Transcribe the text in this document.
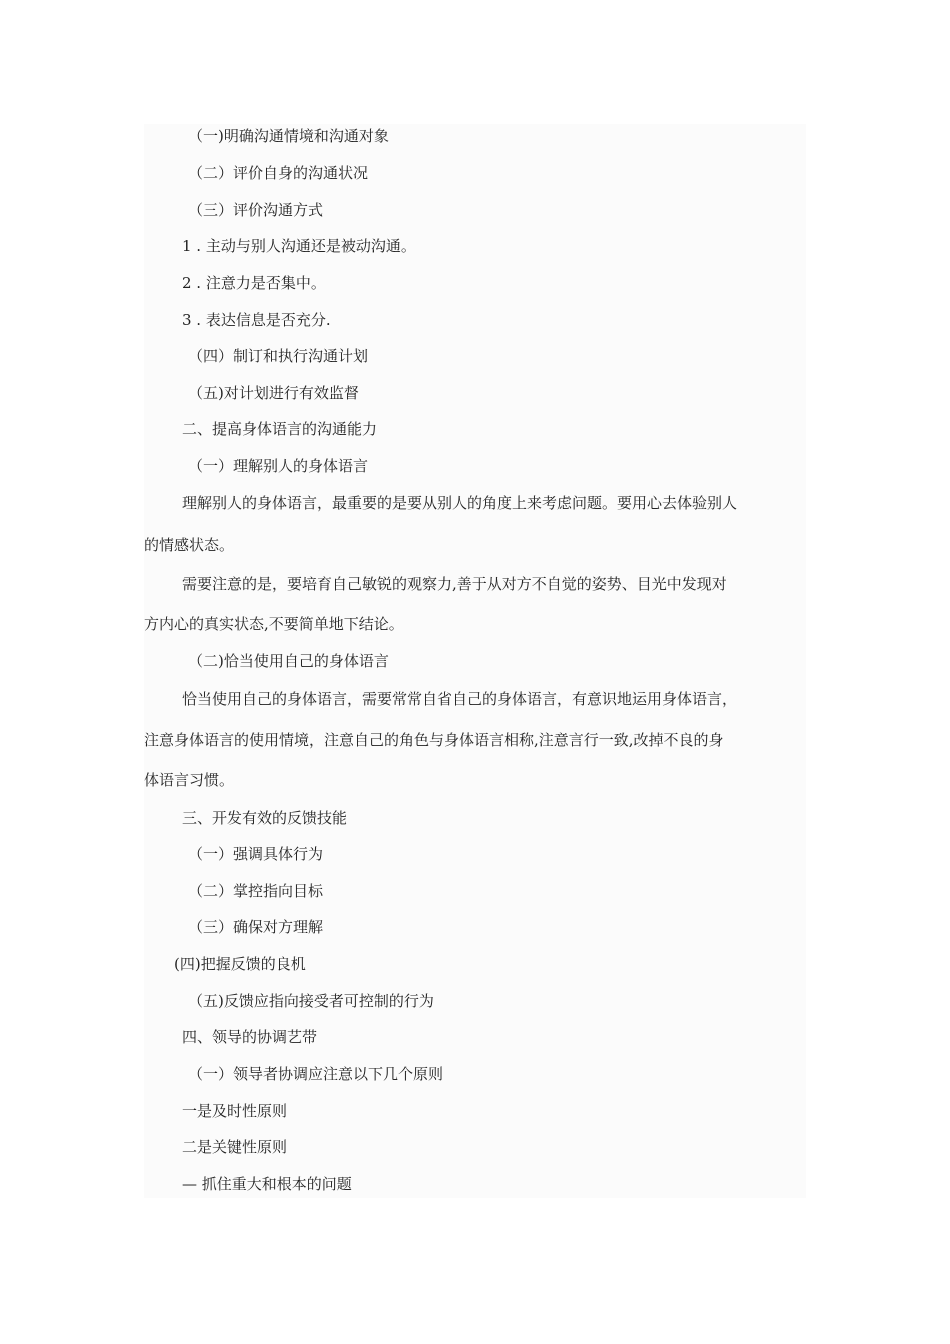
（一)明确沟通情境和沟通对象
（二）评价自身的沟通状况
（三）评价沟通方式
1 . 主动与别人沟通还是被动沟通。
2 . 注意力是否集中。
3 . 表达信息是否充分.
（四）制订和执行沟通计划
（五)对计划进行有效监督
二、提高身体语言的沟通能力
（一）理解别人的身体语言
理解别人的身体语言，最重要的是要从别人的角度上来考虑问题。要用心去体验别人
的情感状态。
需要注意的是，要培育自己敏锐的观察力,善于从对方不自觉的姿势、目光中发现对
方内心的真实状态,不要简单地下结论。
（二)恰当使用自己的身体语言
恰当使用自己的身体语言，需要常常自省自己的身体语言，有意识地运用身体语言，
注意身体语言的使用情境，注意自己的角色与身体语言相称,注意言行一致,改掉不良的身
体语言习惯。
三、开发有效的反馈技能
（一）强调具体行为
（二）掌控指向目标
（三）确保对方理解
(四)把握反馈的良机
（五)反馈应指向接受者可控制的行为
四、领导的协调艺带
（一）领导者协调应注意以下几个原则
一是及时性原则
二是关键性原则
— 抓住重大和根本的问题
